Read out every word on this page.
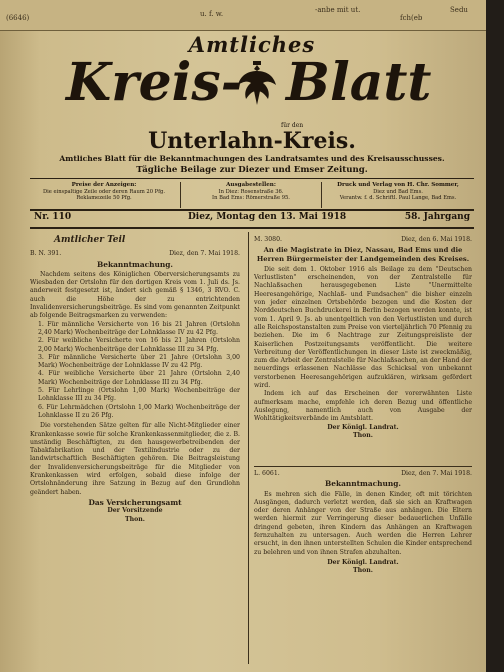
(6646)	u. f. w.	-anbe mit ut.
fch(eb
Sedu
Amtliches
Kreis- Blatt
für den
Unterlahn-Kreis.
Amtliches Blatt für die Bekanntmachungen des Landratsamtes und des Kreisausschusses.
Tägliche Beilage zur Diezer und Emser Zeitung.
Preise der Anzeigen:
Die einspaltige Zeile oder deren Raum 20 Pfg.
Reklamezeile 50 Pfg.
Ausgabestellen:
In Diez: Rosenstraße 36.
In Bad Ems: Römerstraße 95.
Druck und Verlag von H. Chr. Sommer,
Diez und Bad Ems.
Verantw. f. d. Schriftl. Paul Lange, Bad Ems.
Nr. 110	Diez, Montag den 13. Mai 1918	58. Jahrgang

Amtlicher Teil

B. N. 391.	Diez, den 7. Mai 1918.

Bekanntmachung.

Nachdem seitens des Königlichen Oberversicherungsamts zu Wiesbaden der Ortslohn für den dortigen Kreis vom 1. Juli ds. Js. anderweit festgesetzt ist, ändert sich gemäß § 1346, 3 RVO. C. auch die Höhe der zu entrichtenden Invalidenversicherungsbeiträge. Es sind vom genannten Zeitpunkt ab folgende Beitragsmarken zu verwenden:

1. Für männliche Versicherte von 16 bis 21 Jahren (Ortslohn 2,40 Mark) Wochenbeiträge der Lohnklasse IV zu 42 Pfg.

2. Für weibliche Versicherte von 16 bis 21 Jahren (Ortslohn 2,00 Mark) Wochenbeiträge der Lohnklasse III zu 34 Pfg.

3. Für männliche Versicherte über 21 Jahre (Ortslohn 3,00 Mark) Wochenbeiträge der Lohnklasse IV zu 42 Pfg.

4. Für weibliche Versicherte über 21 Jahre (Ortslohn 2,40 Mark) Wochenbeiträge der Lohnklasse III zu 34 Pfg.

5. Für Lehrlinge (Ortslohn 1,00 Mark) Wochenbeiträge der Lohnklasse III zu 34 Pfg.

6. Für Lehrmädchen (Ortslohn 1,00 Mark) Wochenbeiträge der Lohnklasse II zu 26 Pfg.

Die vorstehenden Sätze gelten für alle Nicht-Mitglieder einer Krankenkasse sowie für solche Krankenkassenmitglieder, die z. B. unständig Beschäftigten, zu den hausgewerbetreibenden der Tabakfabrikation und der Textilindustrie oder zu der landwirtschaftlich Beschäftigten gehören. Die Beitragsleistung der Invalidenversicherungsbeiträge für die Mitglieder von Krankenkassen wird erfolgen, sobald diese infolge der Ortslohnänderung ihre Satzung in Bezug auf den Grundlohn geändert haben.

Das Versicherungsamt

Der Vorsitzende

Thon.

M. 3080.	Diez, den 6. Mai 1918.

An die Magistrate in Diez, Nassau, Bad Ems und die Herren Bürgermeister der Landgemeinden des Kreises.

Die seit dem 1. Oktober 1916 als Beilage zu dem "Deutschen Verlustlisten" erscheinenden, von der Zentralstelle für Nachlaßsachen herausgegebenen Liste "Unermittelte Heeresangehörige, Nachlaß- und Fundsachen" die bisher einzeln von jeder einzelnen Ortsbehörde bezogen und die Kosten der Norddeutschen Buchdruckerei in Berlin bezogen werden konnte, ist vom 1. April 9. Js. ab unentgeltlich von den Verlustlisten und durch alle Reichspostanstalten zum Preise von vierteljährlich 70 Pfennig zu beziehen. Die im 6 Nachtrage zur Zeitungspreisliste der Kaiserlichen Postzeitungsamts veröffentlicht. Die weitere Verbreitung der Veröffentlichungen in dieser Liste ist zweckmäßig, zum die Arbeit der Zentralstelle für Nachlaßsachen, an der Hand der neuerdings erlassenen Nachlässe das Schicksal von unbekannt verstorbenen Heeresangehörigen aufzuklären, wirksam gefördert wird.

Indem ich auf das Erscheinen der vorerwähnten Liste aufmerksam mache, empfehle ich deren Bezug und öffentliche Auslegung, namentlich auch von Ausgabe der Wohltätigkeitsverbände im Amtsblatt.

Der Königl. Landrat.

Thon.

L. 6061.	Diez, den 7. Mai 1918.

Bekanntmachung.

Es mehren sich die Fälle, in denen Kinder, oft mit törichten Ausgängen, dadurch verletzt werden, daß sie sich an Kraftwagen oder deren Anhänger von der Straße aus anhängen. Die Eltern werden hiermit zur Verringerung dieser bedauerlichen Unfälle dringend gebeten, ihren Kindern das Anhängen an Kraftwagen fernzuhalten zu untersagen. Auch werden die Herren Lehrer ersucht, in den ihnen unterstellten Schulen die Kinder entsprechend zu belehren und von ihnen Strafen abzuhalten.

Der Königl. Landrat.

Thon.
